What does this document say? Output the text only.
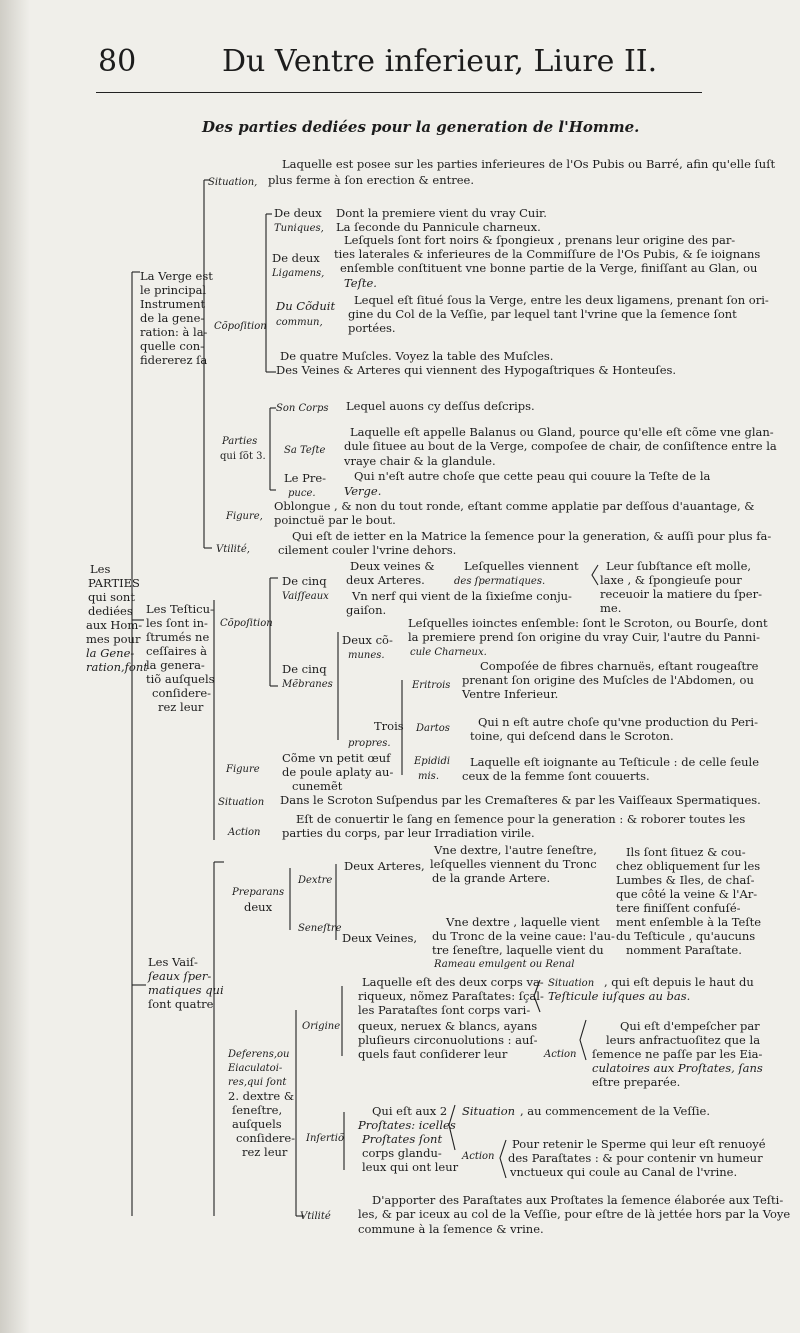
80	Du Ventre inferieur, Liure II.
Des parties dediées pour la generation de l'Homme.
Les
PARTIES
qui sont
dediées
aux Hom-
mes pour
la Gene-
ration,font
La Verge est
le principal
Instrument
de la gene-
ration: à la-
quelle con-
fidererez ſa
Situation,
Laquelle est posee sur les parties inferieures de l'Os Pubis ou Barré, afin qu'elle ſuſt
plus ferme à ſon erection & entree.
Cõpoſition
De deux
Tuniques,
Dont la premiere vient du vray Cuir.
La ſeconde du Pannicule charneux.
De deux
Ligamens,
Leſquels ſont fort noirs & ſpongieux , prenans leur origine des par-
ties laterales & inferieures de la Commiſſure de l'Os Pubis, & ſe ioignans
enſemble conſtituent vne bonne partie de la Verge, finiſſant au Glan, ou
Teſte.
Du Cõduit
commun,
Lequel eſt ſitué ſous la Verge, entre les deux ligamens, prenant ſon ori-
gine du Col de la Veſſie, par lequel tant l'vrine que la ſemence ſont
portées.
De quatre Muſcles. Voyez la table des Muſcles.
Des Veines & Arteres qui viennent des Hypogaſtriques & Honteuſes.
Parties
qui ſõt 3.
Son Corps Lequel auons cy deſſus deſcrips.
Sa Teſte
Laquelle eſt appelle Balanus ou Gland, pource qu'elle eſt cõme vne glan-
dule ſituee au bout de la Verge, compoſee de chair, de conſiſtence entre la
vraye chair & la glandule.
Le Pre-
puce.
Qui n'eſt autre choſe que cette peau qui couure la Teſte de la
Verge.
Figure,
Oblongue , & non du tout ronde, eſtant comme applatie par deſſous d'auantage, &
poinctuë par le bout.
Vtilité,
Qui eſt de ietter en la Matrice la ſemence pour la generation, & auſſi pour plus fa-
cilement couler l'vrine dehors.
Les Teſticu-
les ſont in-
ſtrumés ne
ceſſaires à
la genera-
tiõ auſquels
conſidere-
rez leur
Cõpoſition
De cinq
Vaiſſeaux
Deux veines &
deux Arteres.
Leſquelles viennent
des ſpermatiques.
Leur ſubſtance eſt molle,
laxe , & ſpongieuſe pour
receuoir la matiere du ſper-
me.
Vn nerf qui vient de la ſixieſme conju-
gaiſon.
De cinq
Mẽbranes
Deux cõ-
munes.
Leſquelles ioinctes enſemble: ſont le Scroton, ou Bourſe, dont
la premiere prend ſon origine du vray Cuir, l'autre du Panni-
cule Charneux.
Trois
propres.
Eritrois
Compoſée de fibres charnuës, eſtant rougeaſtre
prenant ſon origine des Muſcles de l'Abdomen, ou
Ventre Inferieur.
Dartos Qui n eſt autre choſe qu'vne production du Peri-
toine, qui deſcend dans le Scroton.
Epididi
mis.
Laquelle eſt ioignante au Teſticule : de celle ſeule
ceux de la femme ſont couuerts.
Figure
Cõme vn petit œuf
de poule aplaty au-
cunemẽt
Situation Dans le Scroton Suſpendus par les Cremaſteres & par les Vaiſſeaux Spermatiques.
Action
Eſt de conuertir le ſang en ſemence pour la generation : & roborer toutes les
parties du corps, par leur Irradiation virile.
Les Vaiſ-
ſeaux ſper-
matiques qui
ſont quatre
Preparans
deux
Dextre
Seneſtre
Deux Arteres,
Vne dextre, l'autre ſeneſtre,
leſquelles viennent du Tronc
de la grande Artere.
Ils ſont ſituez & cou-
chez obliquement ſur les
Lumbes & Iles, de chaſ-
que côté la veine & l'Ar-
tere finiſſent confuſé-
ment enſemble à la Teſte
du Teſticule , qu'aucuns
nomment Paraſtate.
Deux Veines,
Vne dextre , laquelle vient
du Tronc de la veine caue: l'au-
tre ſeneſtre, laquelle vient du
Rameau emulgent ou Renal
Deferens,ou
Eiaculatoi-
res,qui ſont
2. dextre &
ſeneſtre,
auſquels
conſidere-
rez leur
Origine
Laquelle eſt des deux corps va-
riqueux, nõmez Paraſtates: ſçal-
les Parataſtes ſont corps vari-
queux, neruex & blancs, ayans
pluſieurs circonuolutions : auſ-
quels faut conſiderer leur
Situation , qui eſt depuis le haut du
Teſticule iuſques au bas.
Action
Qui eſt d'empeſcher par
leurs anfractuoſitez que la
ſemence ne paſſe par les Eia-
culatoires aux Proſtates, ſans
eſtre preparée.
Inſertiõ
Qui eſt aux 2
Proſtates: icelles
Proſtates ſont
corps glandu-
leux qui ont leur
Situation , au commencement de la Veſſie.
Action
Pour retenir le Sperme qui leur eſt renuoyé
des Paraſtates : & pour contenir vn humeur
vnctueux qui coule au Canal de l'vrine.
Vtilité
D'apporter des Paraſtates aux Proſtates la ſemence élaborée aux Teſti-
les, & par iceux au col de la Veſſie, pour eſtre de là jettée hors par la Voye
commune à la ſemence & vrine.
